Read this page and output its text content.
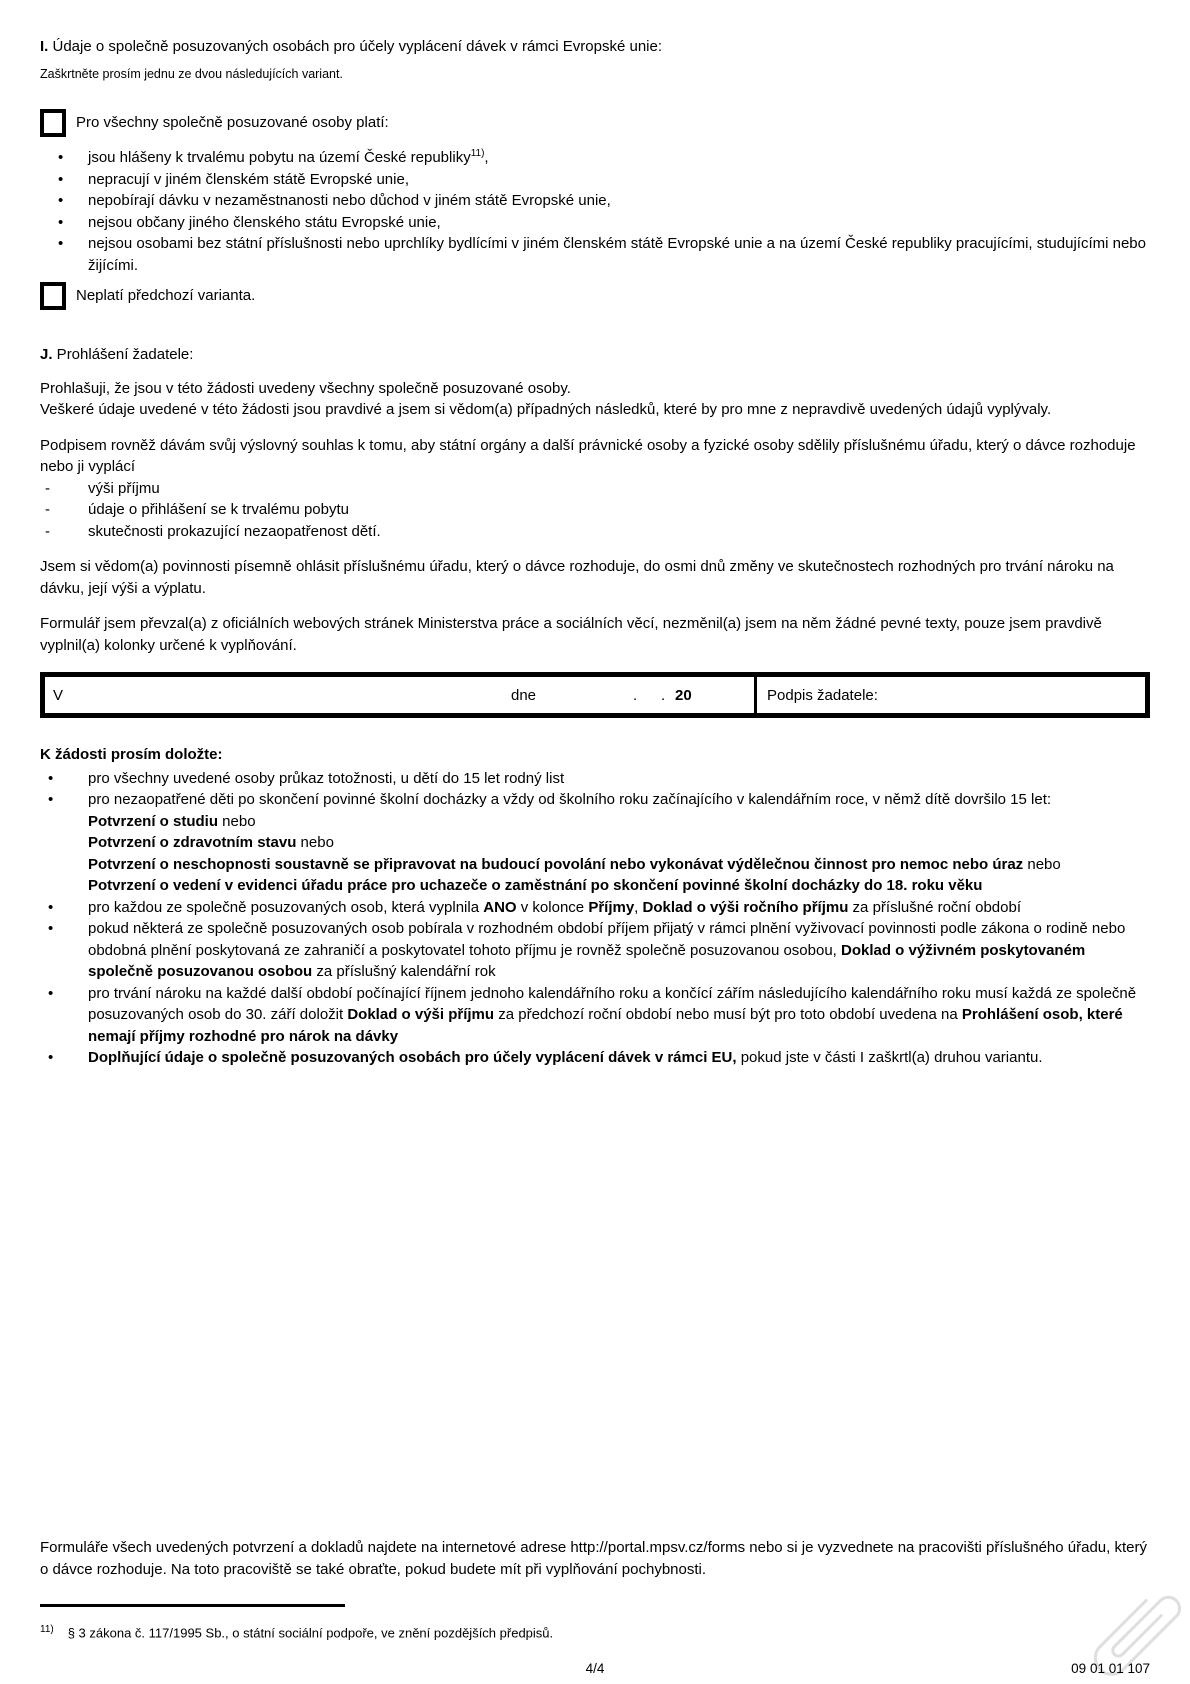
I. Údaje o společně posuzovaných osobách pro účely vyplácení dávek v rámci Evropské unie:

Zaškrtněte prosím jednu ze dvou následujících variant.

Pro všechny společně posuzované osoby platí:
•	jsou hlášeny k trvalému pobytu na území České republiky$^{11)}$,
•	nepracují v jiném členském státě Evropské unie,
•	nepobírají dávku v nezaměstnanosti nebo důchod v jiném státě Evropské unie,
•	nejsou občany jiného členského státu Evropské unie,
•	nejsou osobami bez státní příslušnosti nebo uprchlíky bydlícími v jiném členském státě Evropské unie a na území České republiky pracujícími, studujícími nebo žijícími.
Neplatí předchozí varianta.

J. Prohlášení žadatele:

Prohlašuji, že jsou v této žádosti uvedeny všechny společně posuzované osoby.

Veškeré údaje uvedené v této žádosti jsou pravdivé a jsem si vědom(a) případných následků, které by pro mne z nepravdivě uvedených údajů vyplývaly.

Podpisem rovněž dávám svůj výslovný souhlas k tomu, aby státní orgány a další právnické osoby a fyzické osoby sdělily příslušnému úřadu, který o dávce rozhoduje nebo ji vyplácí

-	výši příjmu
-	údaje o přihlášení se k trvalému pobytu
-	skutečnosti prokazující nezaopatřenost dětí.

Jsem si vědom(a) povinnosti písemně ohlásit příslušnému úřadu, který o dávce rozhoduje, do osmi dnů změny ve skutečnostech rozhodných pro trvání nároku na dávku, její výši a výplatu.

Formulář jsem převzal(a) z oficiálních webových stránek Ministerstva práce a sociálních věcí, nezměnil(a) jsem na něm žádné pevné texty, pouze jsem pravdivě vyplnil(a) kolonky určené k vyplňování.

V	dne	. . 20	Podpis žadatele:

K žádosti prosím doložte:

•	pro všechny uvedené osoby průkaz totožnosti, u dětí do 15 let rodný list
•	pro nezaopatřené děti po skončení povinné školní docházky a vždy od školního roku začínajícího v kalendářním roce, v němž dítě dovršilo 15 let:
Potvrzení o studiu nebo
Potvrzení o zdravotním stavu nebo
Potvrzení o neschopnosti soustavně se připravovat na budoucí povolání nebo vykonávat výdělečnou činnost pro nemoc nebo úraz nebo
Potvrzení o vedení v evidenci úřadu práce pro uchazeče o zaměstnání po skončení povinné školní docházky do 18. roku věku
•	pro každou ze společně posuzovaných osob, která vyplnila ANO v kolonce Příjmy, Doklad o výši ročního příjmu za příslušné roční období
•	pokud některá ze společně posuzovaných osob pobírala v rozhodném období příjem přijatý v rámci plnění vyživovací povinnosti podle zákona o rodině nebo obdobná plnění poskytovaná ze zahraničí a poskytovatel tohoto příjmu je rovněž společně posuzovanou osobou, Doklad o výživném poskytovaném společně posuzovanou osobou za příslušný kalendářní rok
•	pro trvání nároku na každé další období počínající říjnem jednoho kalendářního roku a končící zářím následujícího kalendářního roku musí každá ze společně posuzovaných osob do 30. září doložit Doklad o výši příjmu za předchozí roční období nebo musí být pro toto období uvedena na Prohlášení osob, které nemají příjmy rozhodné pro nárok na dávky
•	Doplňující údaje o společně posuzovaných osobách pro účely vyplácení dávek v rámci EU, pokud jste v části I zaškrtl(a) druhou variantu.

Formuláře všech uvedených potvrzení a dokladů najdete na internetové adrese http://portal.mpsv.cz/forms nebo si je vyzvednete na pracovišti příslušného úřadu, který o dávce rozhoduje. Na toto pracoviště se také obraťte, pokud budete mít při vyplňování pochybnosti.

$^{11)}$ § 3 zákona č. 117/1995 Sb., o státní sociální podpoře, ve znění pozdějších předpisů.

4/4	09 01 01 107
